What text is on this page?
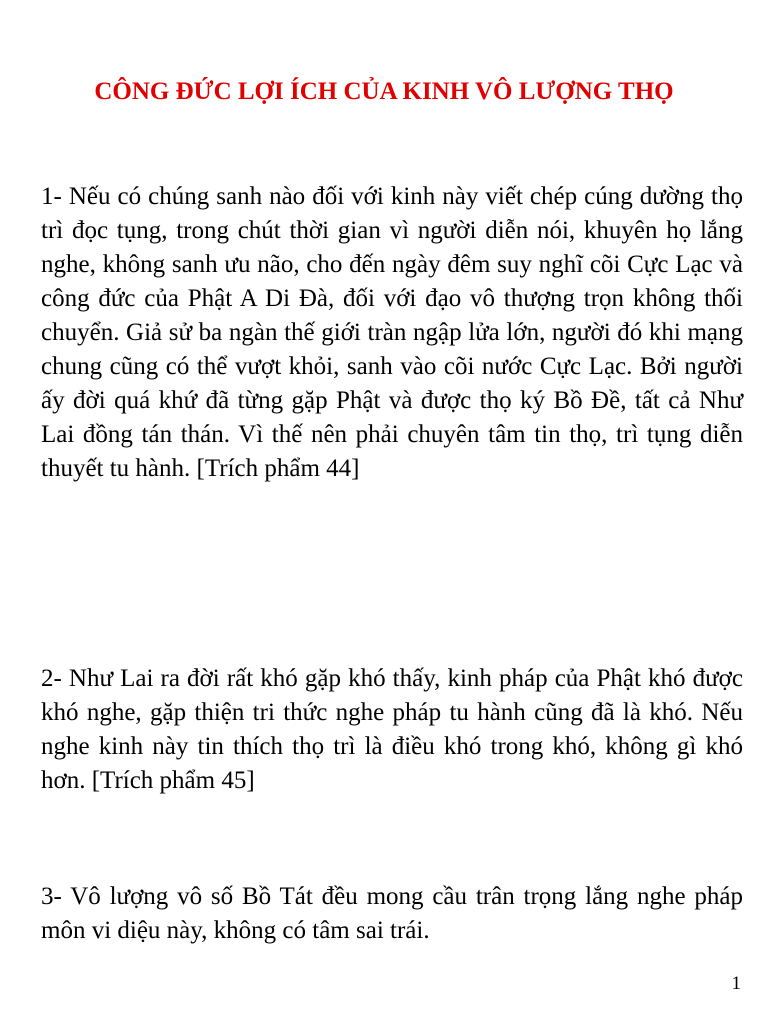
CÔNG ĐỨC LỢI ÍCH CỦA KINH VÔ LƯỢNG THỌ

1- Nếu có chúng sanh nào đối với kinh này viết chép cúng dường thọ trì đọc tụng, trong chút thời gian vì người diễn nói, khuyên họ lắng nghe, không sanh ưu não, cho đến ngày đêm suy nghĩ cõi Cực Lạc và công đức của Phật A Di Đà, đối với đạo vô thượng trọn không thối chuyển. Giả sử ba ngàn thế giới tràn ngập lửa lớn, người đó khi mạng chung cũng có thể vượt khỏi, sanh vào cõi nước Cực Lạc. Bởi người ấy đời quá khứ đã từng gặp Phật và được thọ ký Bồ Đề, tất cả Như Lai đồng tán thán. Vì thế nên phải chuyên tâm tin thọ, trì tụng diễn thuyết tu hành. [Trích phẩm 44]

2- Như Lai ra đời rất khó gặp khó thấy, kinh pháp của Phật khó được khó nghe, gặp thiện tri thức nghe pháp tu hành cũng đã là khó. Nếu nghe kinh này tin thích thọ trì là điều khó trong khó, không gì khó hơn. [Trích phẩm 45]

3- Vô lượng vô số Bồ Tát đều mong cầu trân trọng lắng nghe pháp môn vi diệu này, không có tâm sai trái.

1
